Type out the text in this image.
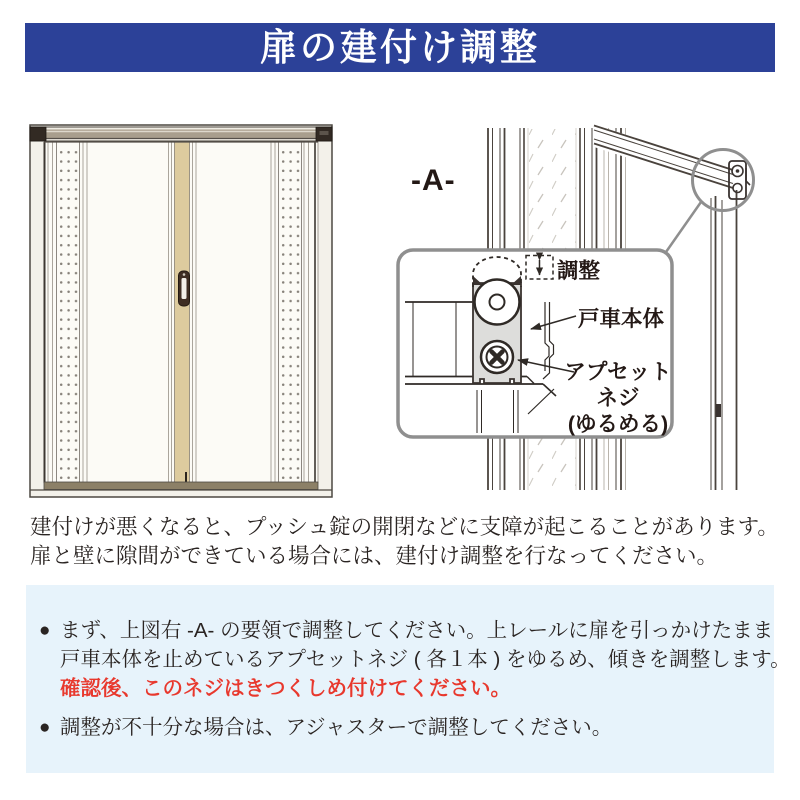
扉の建付け調整
-A-
調整
戸車本体
アプセット
ネジ
(ゆるめる)
建付けが悪くなると、プッシュ錠の開閉などに支障が起こることがあります。
扉と壁に隙間ができている場合には、建付け調整を行なってください。
● まず、上図右 -A- の要領で調整してください。上レールに扉を引っかけたまま
戸車本体を止めているアプセットネジ ( 各１本 ) をゆるめ、傾きを調整します。
確認後、このネジはきつくしめ付けてください。
● 調整が不十分な場合は、アジャスターで調整してください。
